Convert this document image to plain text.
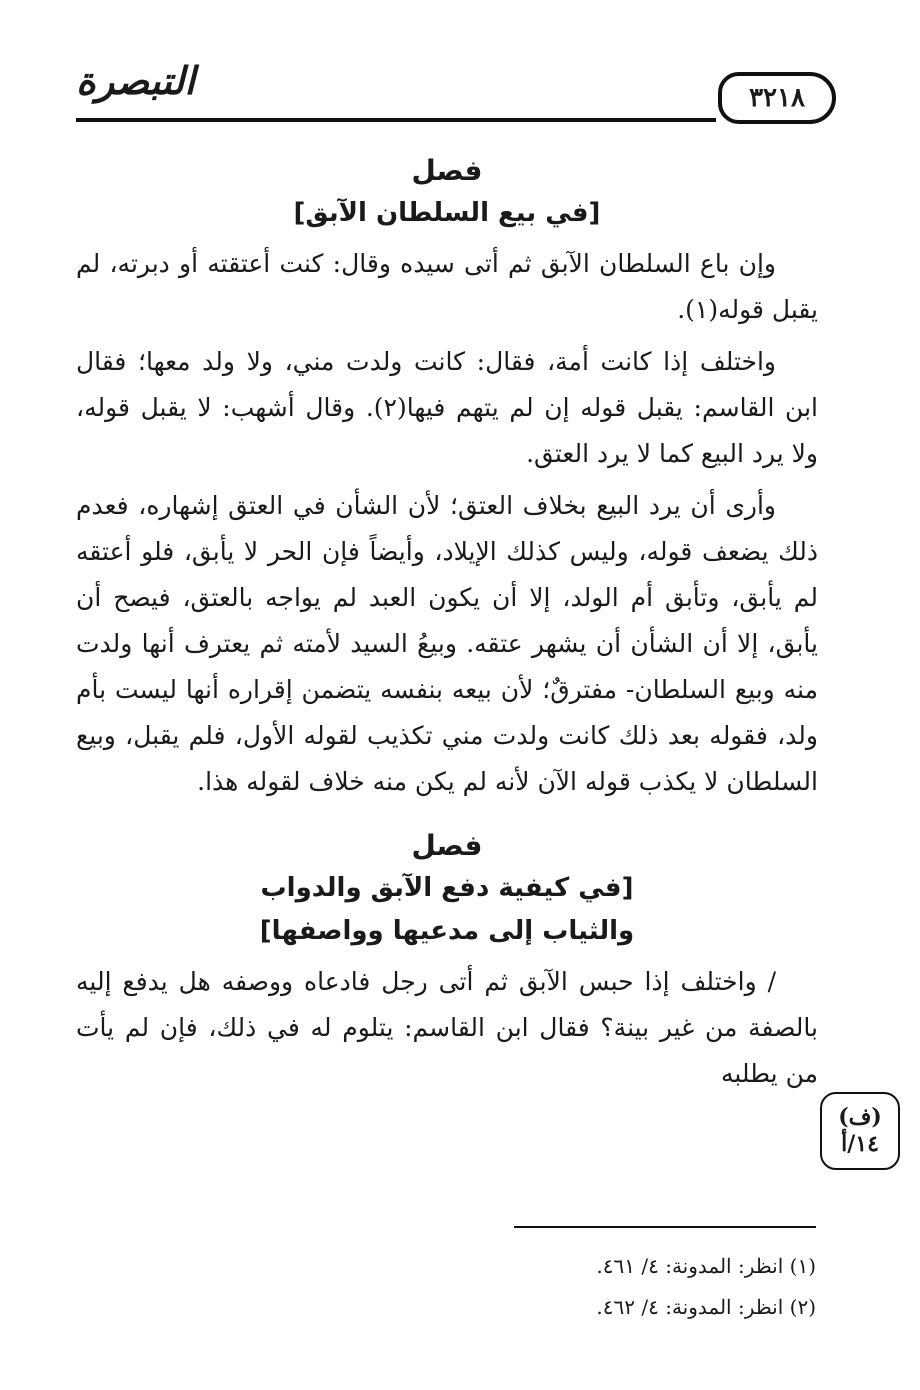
التبصرة	٣٢١٨
فصل
[في بيع السلطان الآبق]

وإن باع السلطان الآبق ثم أتى سيده وقال: كنت أعتقته أو دبرته، لم يقبل قوله(١).

واختلف إذا كانت أمة، فقال: كانت ولدت مني، ولا ولد معها؛ فقال ابن القاسم: يقبل قوله إن لم يتهم فيها(٢). وقال أشهب: لا يقبل قوله، ولا يرد البيع كما لا يرد العتق.

وأرى أن يرد البيع بخلاف العتق؛ لأن الشأن في العتق إشهاره، فعدم ذلك يضعف قوله، وليس كذلك الإيلاد، وأيضاً فإن الحر لا يأبق، فلو أعتقه لم يأبق، وتأبق أم الولد، إلا أن يكون العبد لم يواجه بالعتق، فيصح أن يأبق، إلا أن الشأن أن يشهر عتقه. وبيعُ السيد لأمته ثم يعترف أنها ولدت منه وبيع السلطان- مفترقٌ؛ لأن بيعه بنفسه يتضمن إقراره أنها ليست بأم ولد، فقوله بعد ذلك كانت ولدت مني تكذيب لقوله الأول، فلم يقبل، وبيع السلطان لا يكذب قوله الآن لأنه لم يكن منه خلاف لقوله هذا.

فصل
[في كيفية دفع الآبق والدواب
والثياب إلى مدعيها وواصفها]

/ واختلف إذا حبس الآبق ثم أتى رجل فادعاه ووصفه هل يدفع إليه بالصفة من غير بينة؟ فقال ابن القاسم: يتلوم له في ذلك، فإن لم يأت من يطلبه

(ف)
١٤/أ
(١) انظر: المدونة: ٤/ ٤٦١.
(٢) انظر: المدونة: ٤/ ٤٦٢.
